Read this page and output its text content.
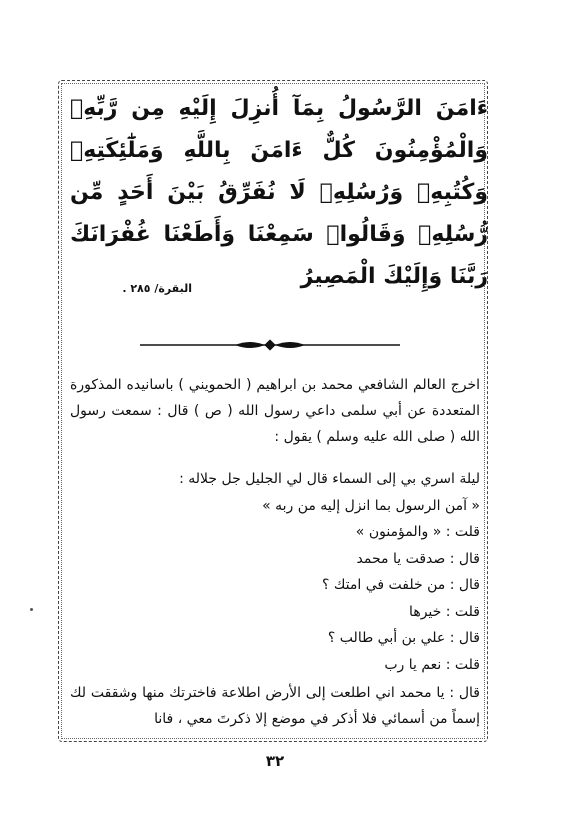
ءَامَنَ الرَّسُولُ بِمَآ أُنزِلَ إِلَيْهِ مِن رَّبِّهِۦ وَالْمُؤْمِنُونَ كُلٌّ ءَامَنَ بِاللَّهِ وَمَلَٰٓئِكَتِهِۦ وَكُتُبِهِۦ وَرُسُلِهِۦ لَا نُفَرِّقُ بَيْنَ أَحَدٍ مِّن رُّسُلِهِۦ وَقَالُوا۟ سَمِعْنَا وَأَطَعْنَا غُفْرَانَكَ رَبَّنَا وَإِلَيْكَ الْمَصِيرُ
البقرة/ ٢٨٥ .
اخرج العالم الشافعي محمد بن ابراهيم ( الحمويني ) باسانيده المذكورة المتعددة عن أبي سلمى داعي رسول الله ( ص ) قال : سمعت رسول الله ( صلى الله عليه وسلم ) يقول :
ليلة اسري بي إلى السماء قال لي الجليل جل جلاله :
« آمن الرسول بما انزل إليه من ربه »
قلت : « والمؤمنون »
قال : صدقت يا محمد
قال : من خلفت في امتك ؟
قلت : خيرها
قال : علي بن أبي طالب ؟
قلت : نعم يا رب
قال : يا محمد اني اطلعت إلى الأرض اطلاعة فاخترتك منها وشققت لك إسماً من أسمائي فلا أذكر في موضع إلا ذكرتَ معي ، فانا
٣٢
